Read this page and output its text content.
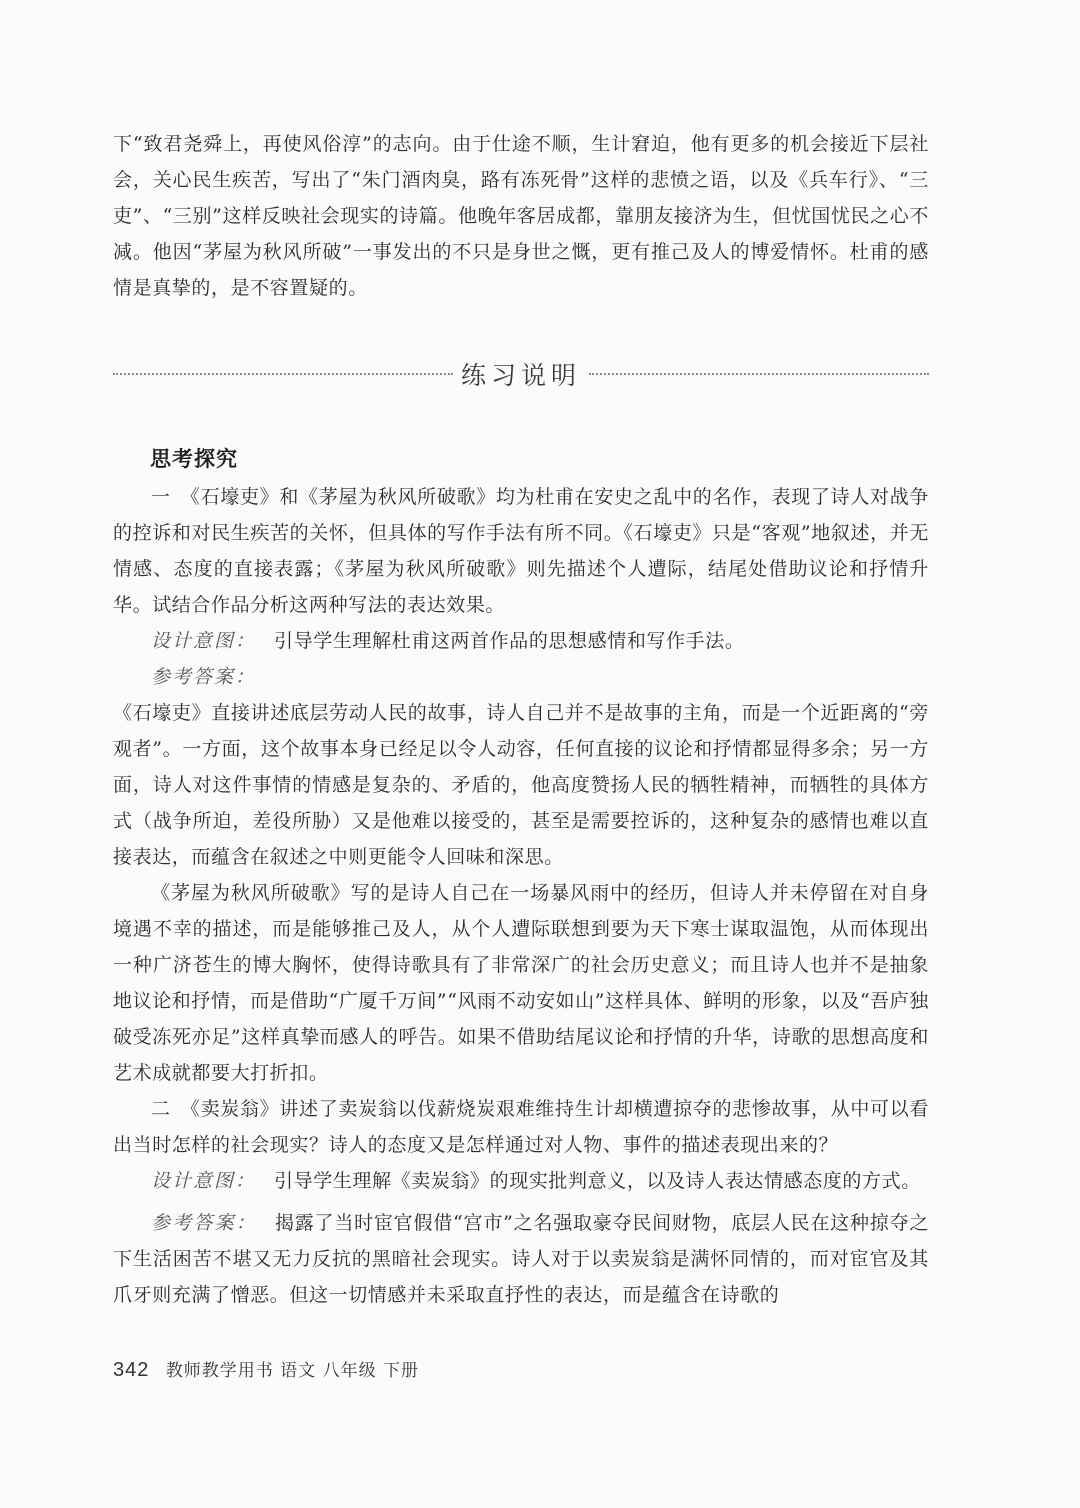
下“致君尧舜上，再使风俗淳”的志向。由于仕途不顺，生计窘迫，他有更多的机会接近下层社会，关心民生疾苦，写出了“朱门酒肉臭，路有冻死骨”这样的悲愤之语，以及《兵车行》、“三吏”、“三别”这样反映社会现实的诗篇。他晚年客居成都，靠朋友接济为生，但忧国忧民之心不减。他因“茅屋为秋风所破”一事发出的不只是身世之慨，更有推己及人的博爱情怀。杜甫的感情是真挚的，是不容置疑的。

练习说明
思考探究

一　《石壕吏》和《茅屋为秋风所破歌》均为杜甫在安史之乱中的名作，表现了诗人对战争的控诉和对民生疾苦的关怀，但具体的写作手法有所不同。《石壕吏》只是“客观”地叙述，并无情感、态度的直接表露；《茅屋为秋风所破歌》则先描述个人遭际，结尾处借助议论和抒情升华。试结合作品分析这两种写法的表达效果。

设计意图： 引导学生理解杜甫这两首作品的思想感情和写作手法。

参考答案：

《石壕吏》直接讲述底层劳动人民的故事，诗人自己并不是故事的主角，而是一个近距离的“旁观者”。一方面，这个故事本身已经足以令人动容，任何直接的议论和抒情都显得多余；另一方面，诗人对这件事情的情感是复杂的、矛盾的，他高度赞扬人民的牺牲精神，而牺牲的具体方式（战争所迫，差役所胁）又是他难以接受的，甚至是需要控诉的，这种复杂的感情也难以直接表达，而蕴含在叙述之中则更能令人回味和深思。

《茅屋为秋风所破歌》写的是诗人自己在一场暴风雨中的经历，但诗人并未停留在对自身境遇不幸的描述，而是能够推己及人，从个人遭际联想到要为天下寒士谋取温饱，从而体现出一种广济苍生的博大胸怀，使得诗歌具有了非常深广的社会历史意义；而且诗人也并不是抽象地议论和抒情，而是借助“广厦千万间”“风雨不动安如山”这样具体、鲜明的形象，以及“吾庐独破受冻死亦足”这样真挚而感人的呼告。如果不借助结尾议论和抒情的升华，诗歌的思想高度和艺术成就都要大打折扣。

二　《卖炭翁》讲述了卖炭翁以伐薪烧炭艰难维持生计却横遭掠夺的悲惨故事，从中可以看出当时怎样的社会现实？诗人的态度又是怎样通过对人物、事件的描述表现出来的？

设计意图： 引导学生理解《卖炭翁》的现实批判意义，以及诗人表达情感态度的方式。

参考答案： 揭露了当时宦官假借“宫市”之名强取豪夺民间财物，底层人民在这种掠夺之下生活困苦不堪又无力反抗的黑暗社会现实。诗人对于以卖炭翁是满怀同情的，而对宦官及其爪牙则充满了憎恶。但这一切情感并未采取直抒性的表达，而是蕴含在诗歌的

342 教师教学用书 语文 八年级 下册
